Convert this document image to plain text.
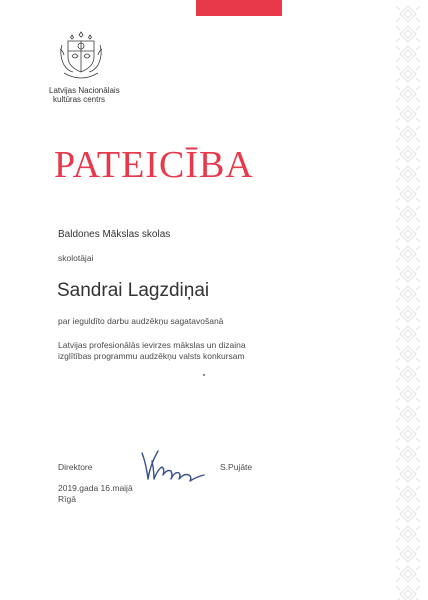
Latvijas Nacionālais
kultūras centrs
PATEICĪBA
Baldones Mākslas skolas
skolotājai
Sandrai Lagzdiņai
par ieguldīto darbu audzēkņu sagatavošanā
Latvijas profesionālās ievirzes mākslas un dizaina
izglītības programmu audzēkņu valsts konkursam
Direktore	S.Pujāte
2019.gada 16.maijā
Rīgā
